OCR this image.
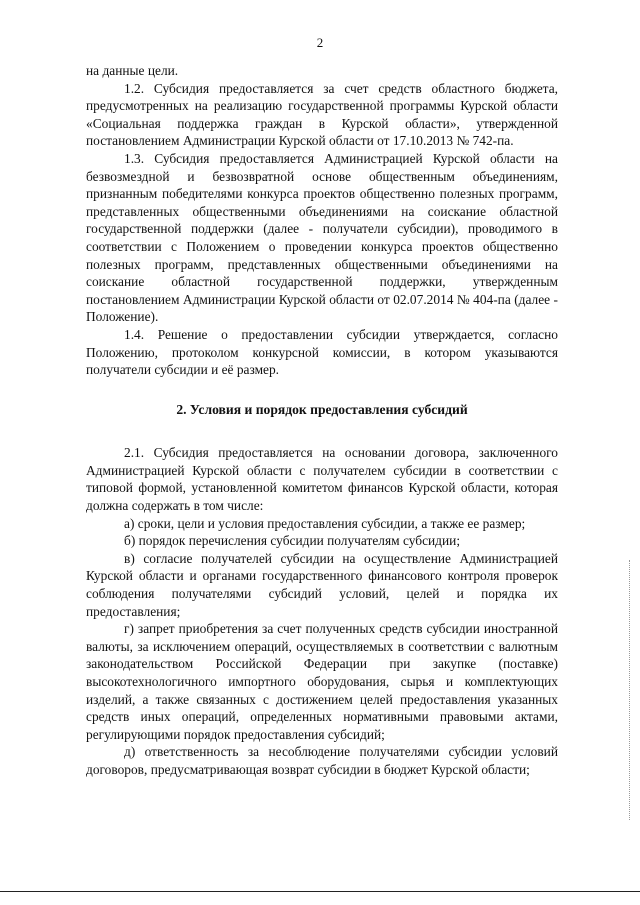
2

на данные цели.

1.2. Субсидия предоставляется за счет средств областного бюджета, предусмотренных на реализацию государственной программы Курской области «Социальная поддержка граждан в Курской области», утвержденной постановлением Администрации Курской области от 17.10.2013 № 742-па.

1.3. Субсидия предоставляется Администрацией Курской области на безвозмездной и безвозвратной основе общественным объединениям, признанным победителями конкурса проектов общественно полезных программ, представленных общественными объединениями на соискание областной государственной поддержки (далее - получатели субсидии), проводимого в соответствии с Положением о проведении конкурса проектов общественно полезных программ, представленных общественными объединениями на соискание областной государственной поддержки, утвержденным постановлением Администрации Курской области от 02.07.2014 № 404-па (далее - Положение).

1.4. Решение о предоставлении субсидии утверждается, согласно Положению, протоколом конкурсной комиссии, в котором указываются получатели субсидии и её размер.

2. Условия и порядок предоставления субсидий

2.1. Субсидия предоставляется на основании договора, заключенного Администрацией Курской области с получателем субсидии в соответствии с типовой формой, установленной комитетом финансов Курской области, которая должна содержать в том числе:

а) сроки, цели и условия предоставления субсидии, а также ее размер;

б) порядок перечисления субсидии получателям субсидии;

в) согласие получателей субсидии на осуществление Администрацией Курской области и органами государственного финансового контроля проверок соблюдения получателями субсидий условий, целей и порядка их предоставления;

г) запрет приобретения за счет полученных средств субсидии иностранной валюты, за исключением операций, осуществляемых в соответствии с валютным законодательством Российской Федерации при закупке (поставке) высокотехнологичного импортного оборудования, сырья и комплектующих изделий, а также связанных с достижением целей предоставления указанных средств иных операций, определенных нормативными правовыми актами, регулирующими порядок предоставления субсидий;

д) ответственность за несоблюдение получателями субсидии условий договоров, предусматривающая возврат субсидии в бюджет Курской области;
